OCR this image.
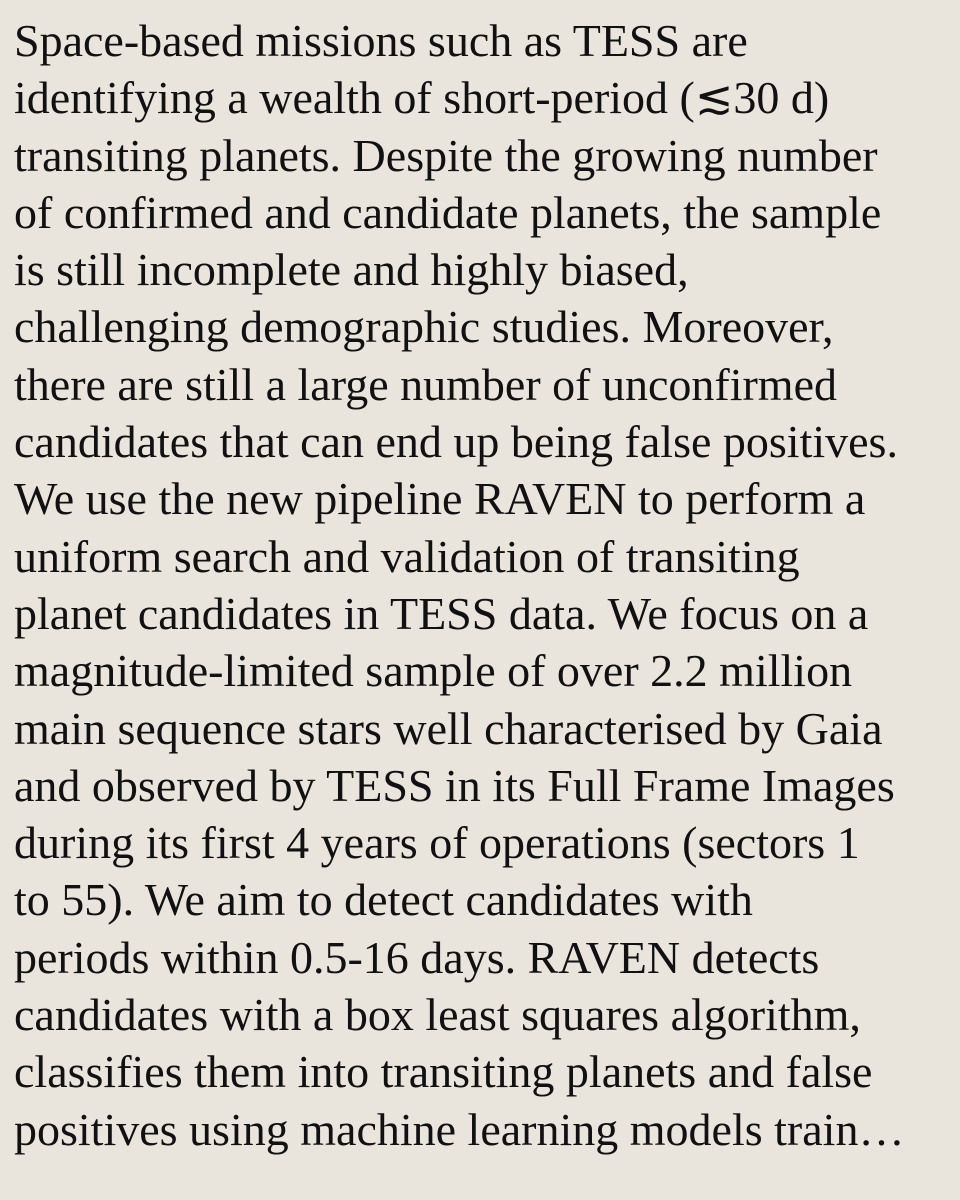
Space-based missions such as TESS are
identifying a wealth of short-period (≲30 d)
transiting planets. Despite the growing number
of confirmed and candidate planets, the sample
is still incomplete and highly biased,
challenging demographic studies. Moreover,
there are still a large number of unconfirmed
candidates that can end up being false positives.
We use the new pipeline RAVEN to perform a
uniform search and validation of transiting
planet candidates in TESS data. We focus on a
magnitude-limited sample of over 2.2 million
main sequence stars well characterised by Gaia
and observed by TESS in its Full Frame Images
during its first 4 years of operations (sectors 1
to 55). We aim to detect candidates with
periods within 0.5-16 days. RAVEN detects
candidates with a box least squares algorithm,
classifies them into transiting planets and false
positives using machine learning models train…
